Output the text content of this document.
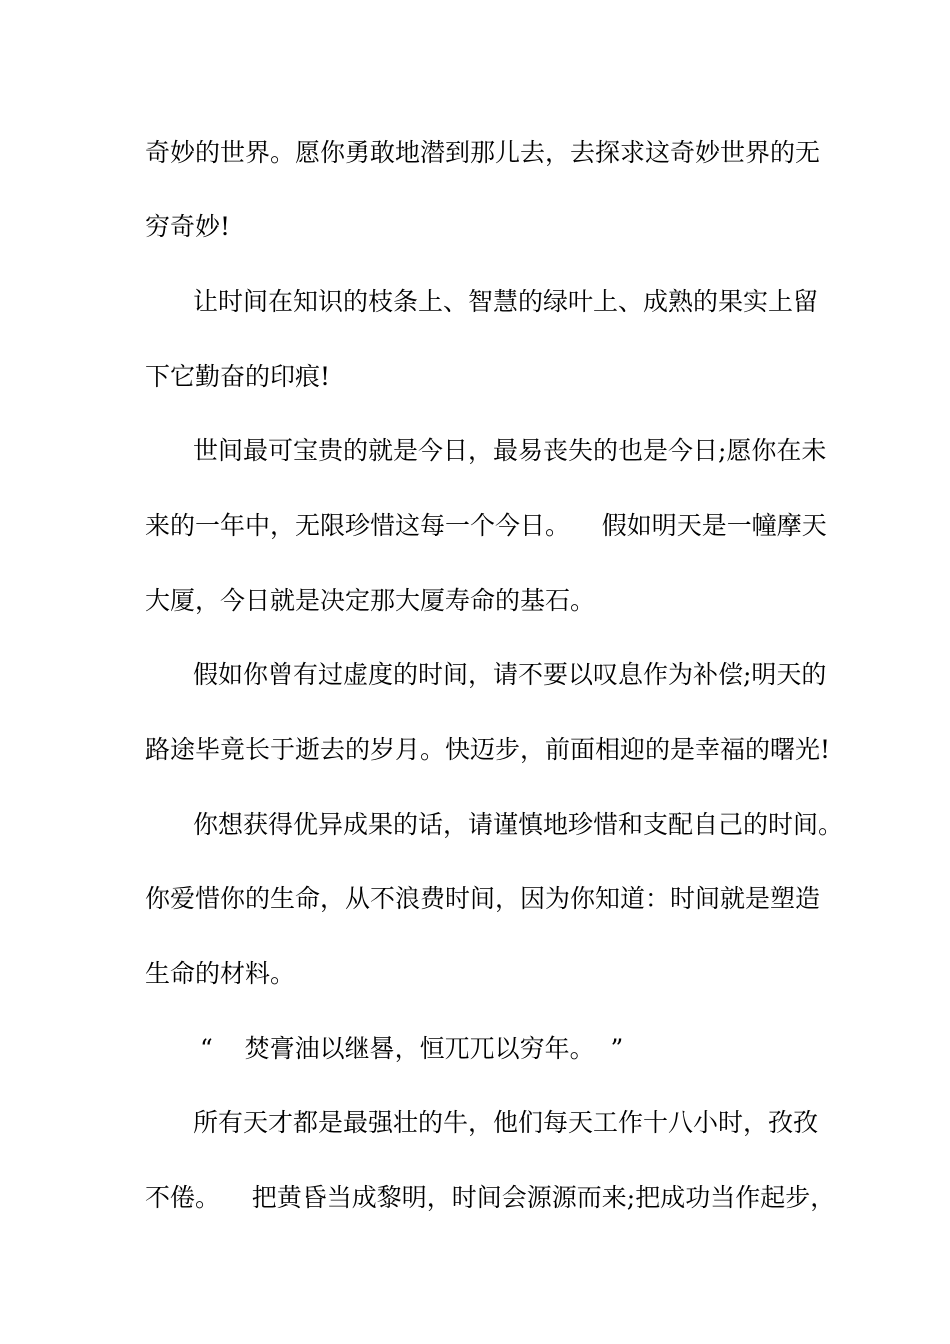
奇妙的世界。愿你勇敢地潜到那儿去，去探求这奇妙世界的无
穷奇妙!
让时间在知识的枝条上、智慧的绿叶上、成熟的果实上留
下它勤奋的印痕!
世间最可宝贵的就是今日，最易丧失的也是今日;愿你在未
来的一年中，无限珍惜这每一个今日。    假如明天是一幢摩天
大厦，今日就是决定那大厦寿命的基石。
假如你曾有过虚度的时间，请不要以叹息作为补偿;明天的
路途毕竟长于逝去的岁月。快迈步，前面相迎的是幸福的曙光!
你想获得优异成果的话，请谨慎地珍惜和支配自己的时间。
你爱惜你的生命，从不浪费时间，因为你知道：时间就是塑造
生命的材料。
“    焚膏油以继晷，恒兀兀以穷年。  ”
所有天才都是最强壮的牛，他们每天工作十八小时，孜孜
不倦。    把黄昏当成黎明，时间会源源而来;把成功当作起步，
